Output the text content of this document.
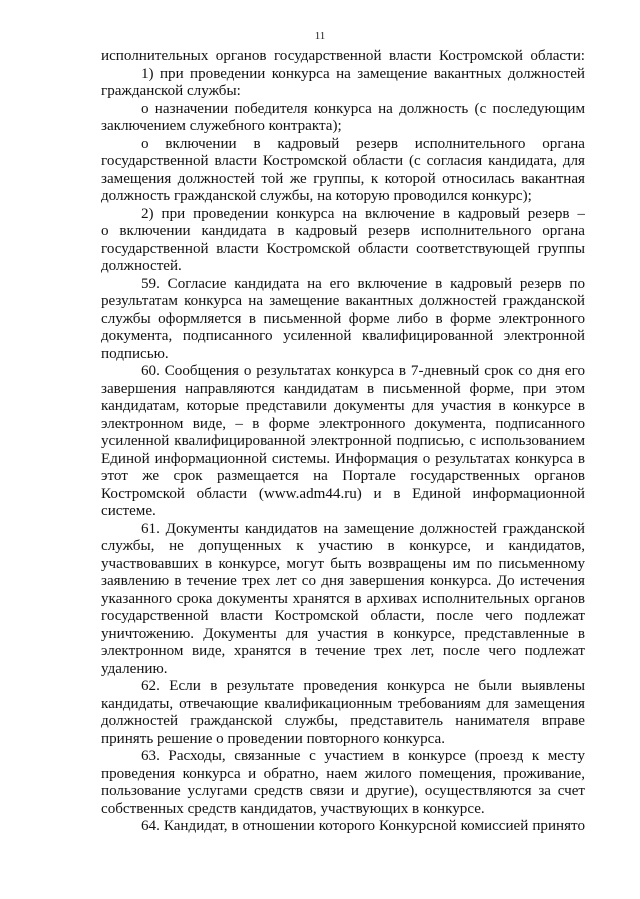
11
исполнительных органов государственной власти Костромской области:
1) при проведении конкурса на замещение вакантных должностей
гражданской службы:
о назначении победителя конкурса на должность (с последующим
заключением служебного контракта);
о включении в кадровый резерв исполнительного органа
государственной власти Костромской области (с согласия кандидата, для
замещения должностей той же группы, к которой относилась вакантная
должность гражданской службы, на которую проводился конкурс);
2) при проведении конкурса на включение в кадровый резерв –
о включении кандидата в кадровый резерв исполнительного органа
государственной власти Костромской области соответствующей группы
должностей.
59. Согласие кандидата на его включение в кадровый резерв по
результатам конкурса на замещение вакантных должностей гражданской
службы оформляется в письменной форме либо в форме электронного
документа, подписанного усиленной квалифицированной электронной
подписью.
60. Сообщения о результатах конкурса в 7-дневный срок со дня его
завершения направляются кандидатам в письменной форме, при этом
кандидатам, которые представили документы для участия в конкурсе в
электронном виде, – в форме электронного документа, подписанного
усиленной квалифицированной электронной подписью, с использованием
Единой информационной системы. Информация о результатах конкурса в
этот же срок размещается на Портале государственных органов
Костромской области (www.adm44.ru) и в Единой информационной
системе.
61. Документы кандидатов на замещение должностей гражданской
службы, не допущенных к участию в конкурсе, и кандидатов,
участвовавших в конкурсе, могут быть возвращены им по письменному
заявлению в течение трех лет со дня завершения конкурса. До истечения
указанного срока документы хранятся в архивах исполнительных органов
государственной власти Костромской области, после чего подлежат
уничтожению. Документы для участия в конкурсе, представленные в
электронном виде, хранятся в течение трех лет, после чего подлежат
удалению.
62. Если в результате проведения конкурса не были выявлены
кандидаты, отвечающие квалификационным требованиям для замещения
должностей гражданской службы, представитель нанимателя вправе
принять решение о проведении повторного конкурса.
63. Расходы, связанные с участием в конкурсе (проезд к месту
проведения конкурса и обратно, наем жилого помещения, проживание,
пользование услугами средств связи и другие), осуществляются за счет
собственных средств кандидатов, участвующих в конкурсе.
64. Кандидат, в отношении которого Конкурсной комиссией принято
